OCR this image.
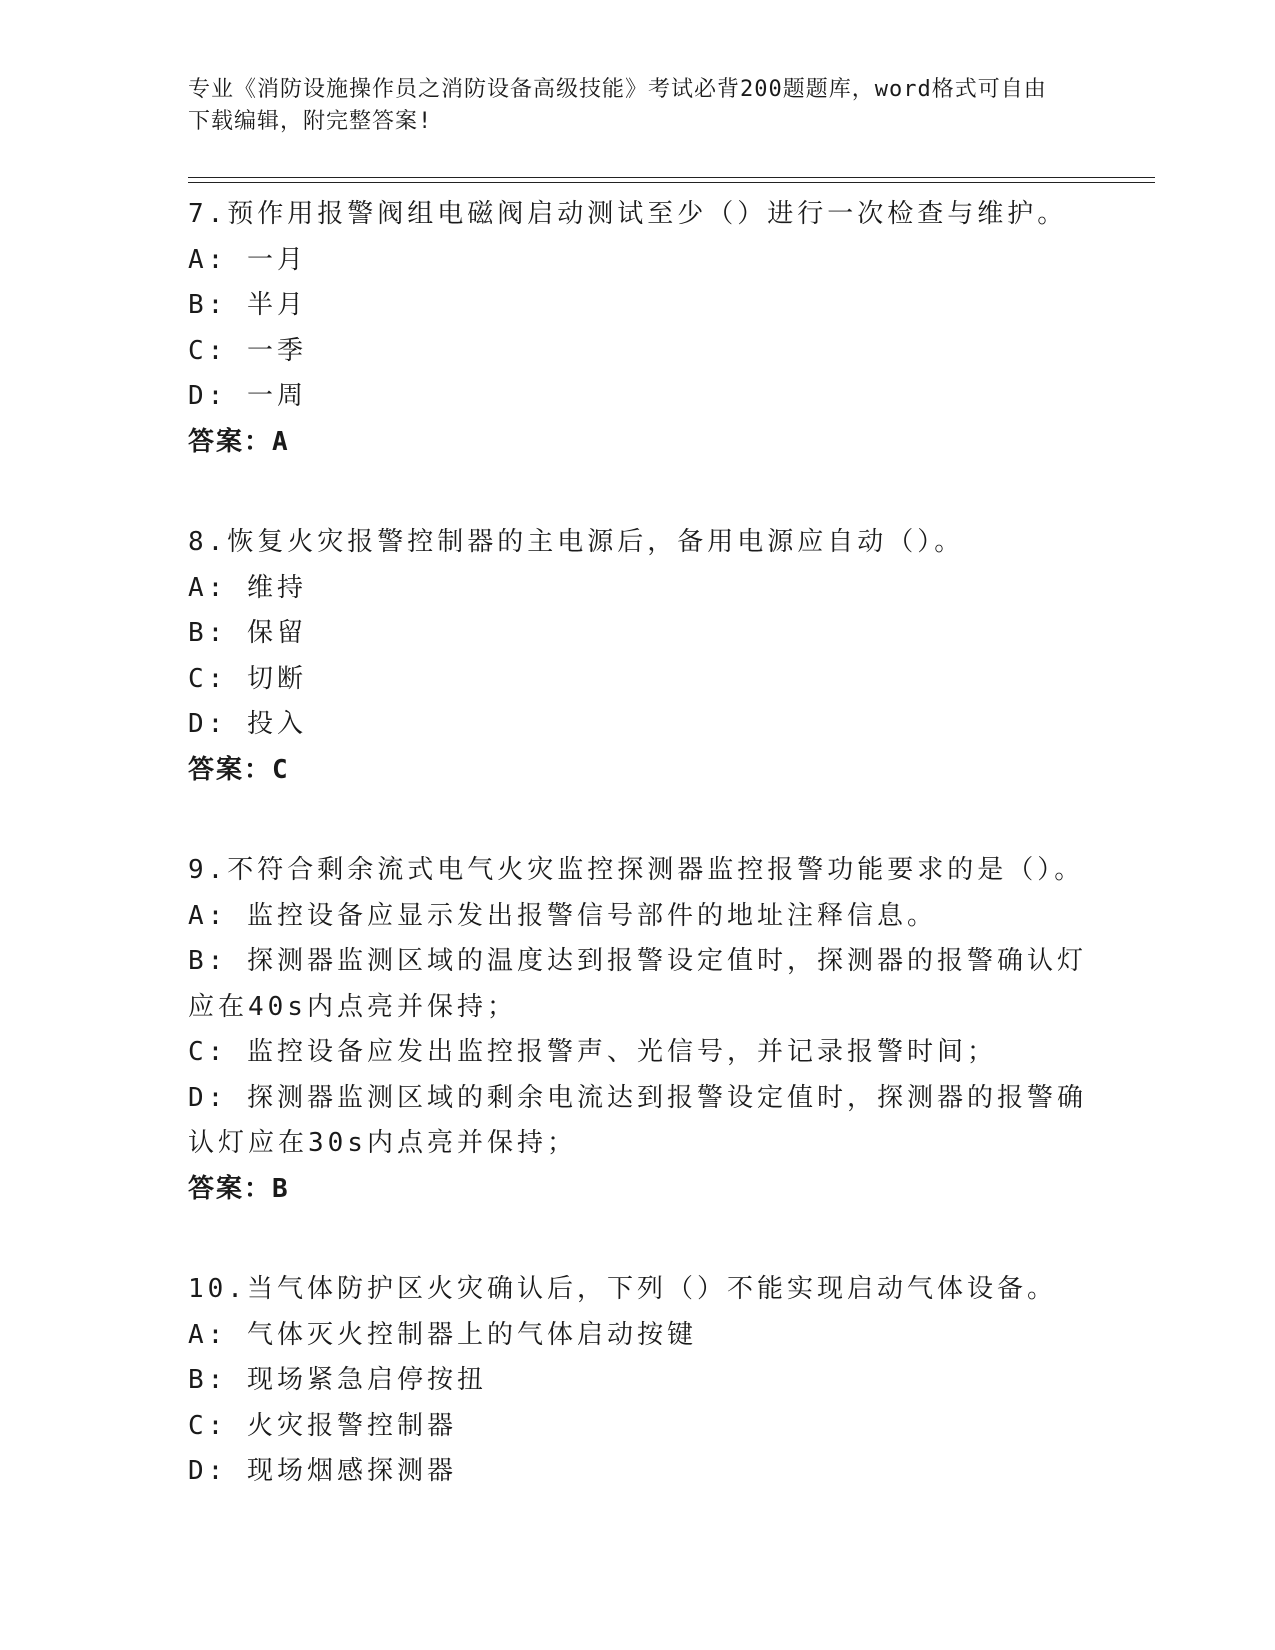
专业《消防设施操作员之消防设备高级技能》考试必背200题题库，word格式可自由下载编辑，附完整答案!
7.预作用报警阀组电磁阀启动测试至少（）进行一次检查与维护。
A: 一月
B: 半月
C: 一季
D: 一周
答案：A
8.恢复火灾报警控制器的主电源后，备用电源应自动（）。
A: 维持
B: 保留
C: 切断
D: 投入
答案：C
9.不符合剩余流式电气火灾监控探测器监控报警功能要求的是（）。
A: 监控设备应显示发出报警信号部件的地址注释信息。
B: 探测器监测区域的温度达到报警设定值时，探测器的报警确认灯应在40s内点亮并保持；
C: 监控设备应发出监控报警声、光信号，并记录报警时间；
D: 探测器监测区域的剩余电流达到报警设定值时，探测器的报警确认灯应在30s内点亮并保持；
答案：B
10.当气体防护区火灾确认后，下列（）不能实现启动气体设备。
A: 气体灭火控制器上的气体启动按键
B: 现场紧急启停按扭
C: 火灾报警控制器
D: 现场烟感探测器
